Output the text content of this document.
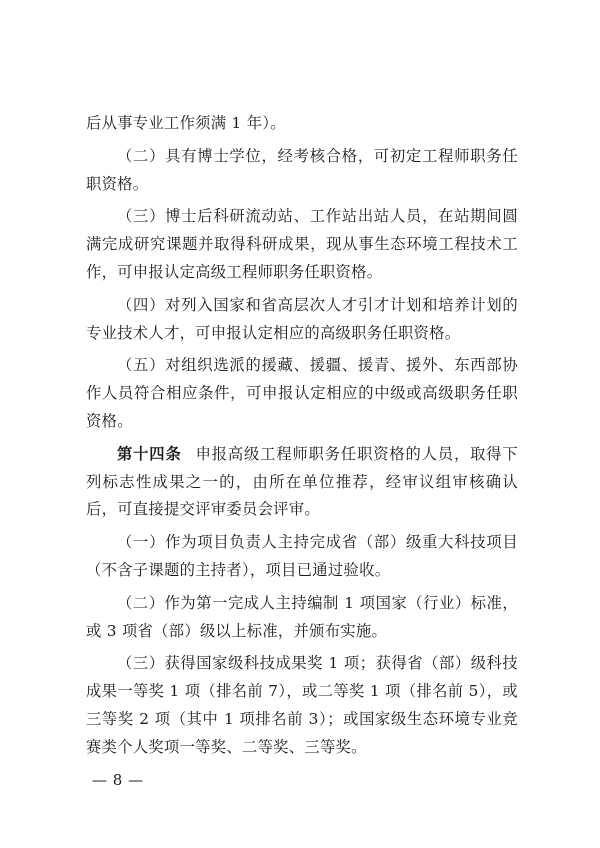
后从事专业工作须满 1 年）。

（二）具有博士学位，经考核合格，可初定工程师职务任职资格。

（三）博士后科研流动站、工作站出站人员，在站期间圆满完成研究课题并取得科研成果，现从事生态环境工程技术工作，可申报认定高级工程师职务任职资格。

（四）对列入国家和省高层次人才引才计划和培养计划的专业技术人才，可申报认定相应的高级职务任职资格。

（五）对组织选派的援藏、援疆、援青、援外、东西部协作人员符合相应条件，可申报认定相应的中级或高级职务任职资格。

第十四条 申报高级工程师职务任职资格的人员，取得下列标志性成果之一的，由所在单位推荐，经审议组审核确认后，可直接提交评审委员会评审。

（一）作为项目负责人主持完成省（部）级重大科技项目（不含子课题的主持者），项目已通过验收。

（二）作为第一完成人主持编制 1 项国家（行业）标准，或 3 项省（部）级以上标准，并颁布实施。

（三）获得国家级科技成果奖 1 项；获得省（部）级科技成果一等奖 1 项（排名前 7），或二等奖 1 项（排名前 5），或三等奖 2 项（其中 1 项排名前 3）；或国家级生态环境专业竞赛类个人奖项一等奖、二等奖、三等奖。

— 8 —
